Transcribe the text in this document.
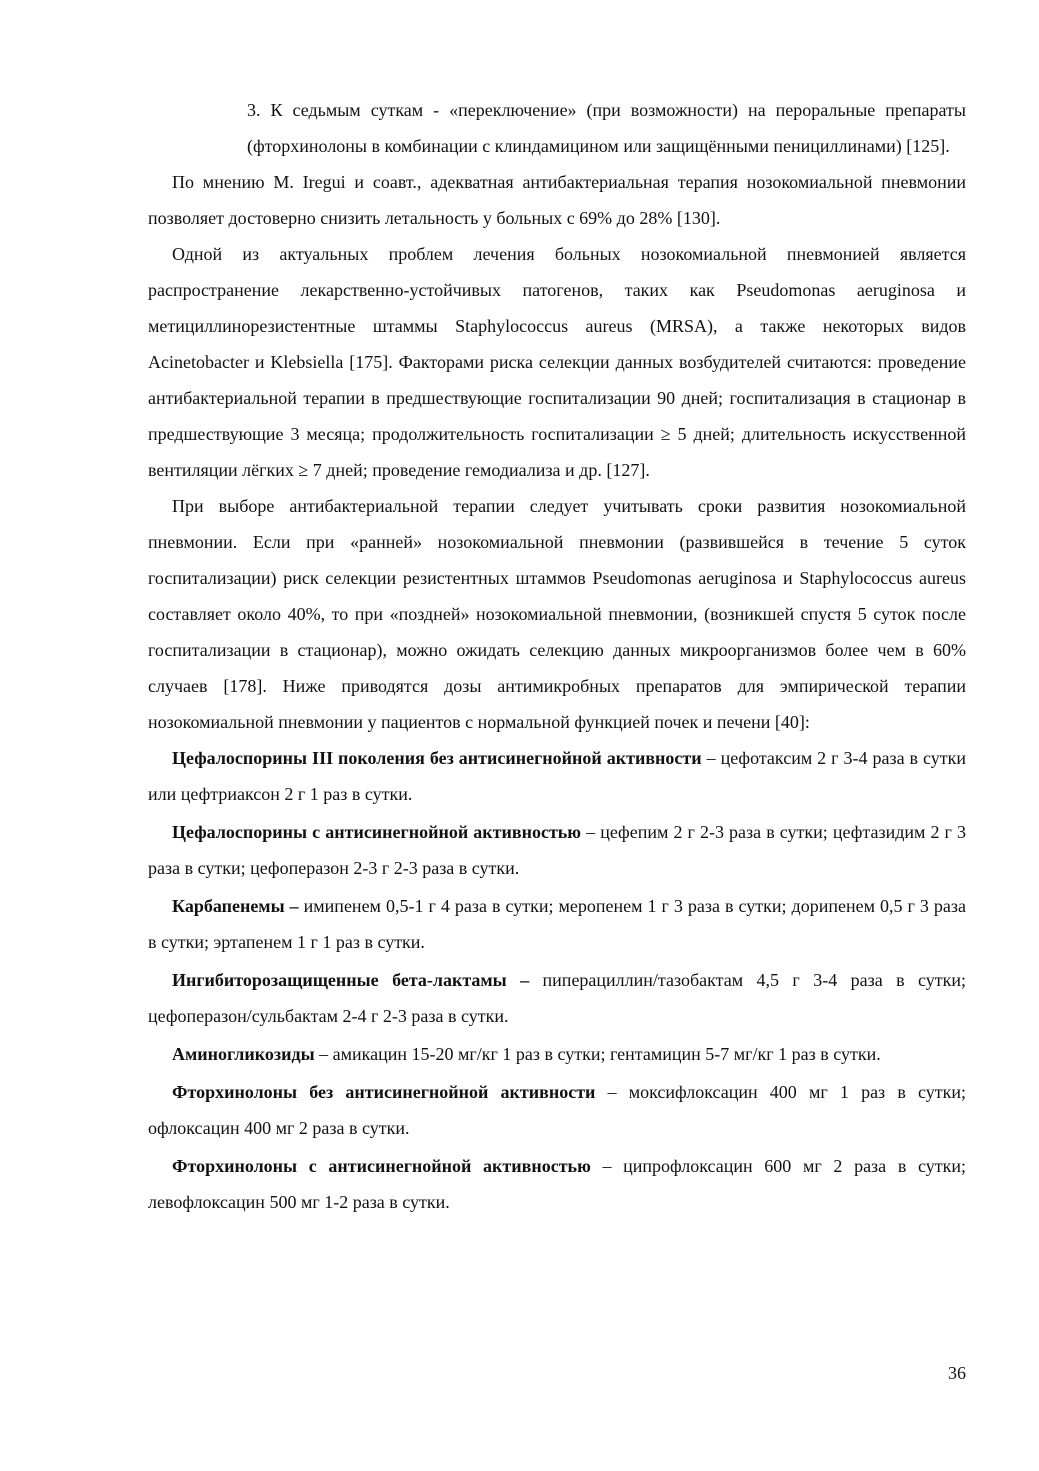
3. К седьмым суткам - «переключение» (при возможности) на пероральные препараты (фторхинолоны в комбинации с клиндамицином или защищёнными пенициллинами) [125].

По мнению M. Iregui и соавт., адекватная антибактериальная терапия нозокомиальной пневмонии позволяет достоверно снизить летальность у больных с 69% до 28% [130].

Одной из актуальных проблем лечения больных нозокомиальной пневмонией является распространение лекарственно-устойчивых патогенов, таких как Pseudomonas aeruginosa и метициллинорезистентные штаммы Staphylococcus aureus (MRSA), а также некоторых видов Acinetobacter и Klebsiella [175]. Факторами риска селекции данных возбудителей считаются: проведение антибактериальной терапии в предшествующие госпитализации 90 дней; госпитализация в стационар в предшествующие 3 месяца; продолжительность госпитализации ≥ 5 дней; длительность искусственной вентиляции лёгких ≥ 7 дней; проведение гемодиализа и др. [127].

При выборе антибактериальной терапии следует учитывать сроки развития нозокомиальной пневмонии. Если при «ранней» нозокомиальной пневмонии (развившейся в течение 5 суток госпитализации) риск селекции резистентных штаммов Pseudomonas aeruginosa и Staphylococcus aureus составляет около 40%, то при «поздней» нозокомиальной пневмонии, (возникшей спустя 5 суток после госпитализации в стационар), можно ожидать селекцию данных микроорганизмов более чем в 60% случаев [178]. Ниже приводятся дозы антимикробных препаратов для эмпирической терапии нозокомиальной пневмонии у пациентов с нормальной функцией почек и печени [40]:

Цефалоспорины III поколения без антисинегнойной активности – цефотаксим 2 г 3-4 раза в сутки или цефтриаксон 2 г 1 раз в сутки.

Цефалоспорины с антисинегнойной активностью – цефепим 2 г 2-3 раза в сутки; цефтазидим 2 г 3 раза в сутки; цефоперазон 2-3 г 2-3 раза в сутки.

Карбапенемы – имипенем 0,5-1 г 4 раза в сутки; меропенем 1 г 3 раза в сутки; дорипенем 0,5 г 3 раза в сутки; эртапенем 1 г 1 раз в сутки.

Ингибиторозащищенные бета-лактамы – пиперациллин/тазобактам 4,5 г 3-4 раза в сутки; цефоперазон/сульбактам 2-4 г 2-3 раза в сутки.

Аминогликозиды – амикацин 15-20 мг/кг 1 раз в сутки; гентамицин 5-7 мг/кг 1 раз в сутки.

Фторхинолоны без антисинегнойной активности – моксифлоксацин 400 мг 1 раз в сутки; офлоксацин 400 мг 2 раза в сутки.

Фторхинолоны с антисинегнойной активностью – ципрофлоксацин 600 мг 2 раза в сутки; левофлоксацин 500 мг 1-2 раза в сутки.

36
